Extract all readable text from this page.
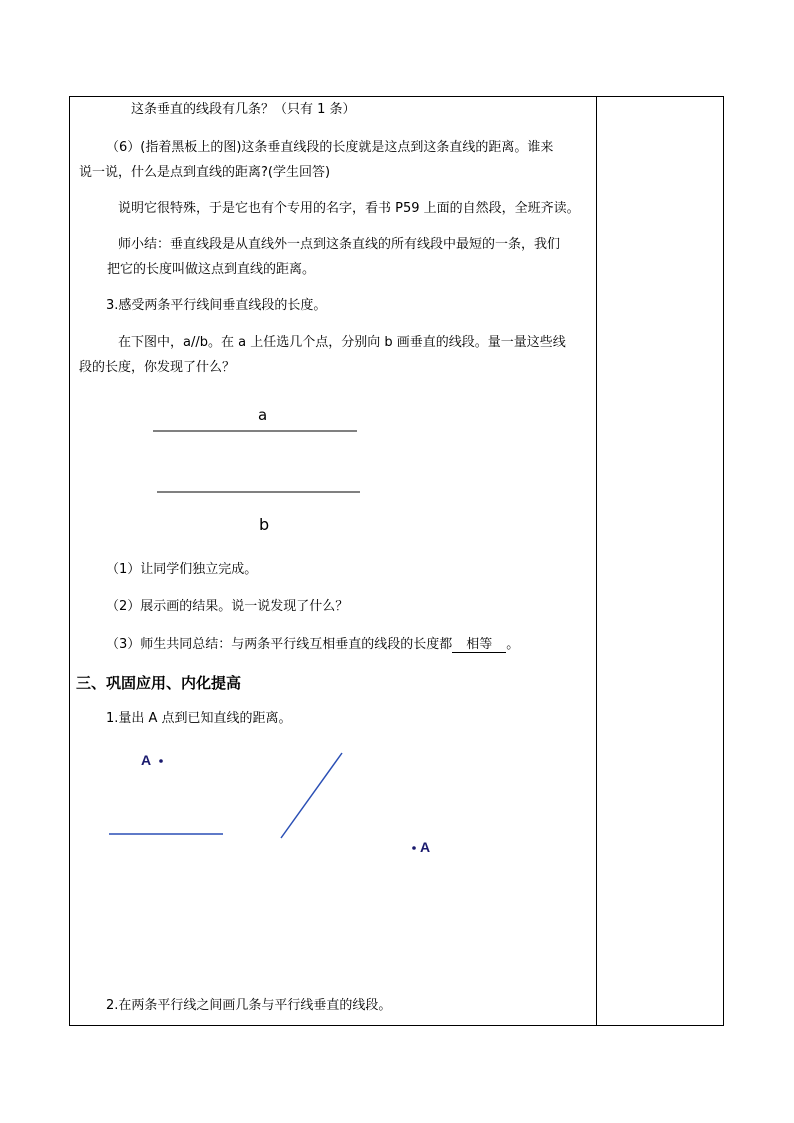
这条垂直的线段有几条？（只有 1 条）
（6）(指着黑板上的图)这条垂直线段的长度就是这点到这条直线的距离。谁来
说一说，什么是点到直线的距离?(学生回答)
说明它很特殊，于是它也有个专用的名字，看书 P59 上面的自然段，全班齐读。
师小结：垂直线段是从直线外一点到这条直线的所有线段中最短的一条，我们
把它的长度叫做这点到直线的距离。
3.感受两条平行线间垂直线段的长度。
在下图中，a//b。在 a 上任选几个点，分别向 b 画垂直的线段。量一量这些线
段的长度，你发现了什么？
a
b
（1）让同学们独立完成。
（2）展示画的结果。说一说发现了什么？
（3）师生共同总结：与两条平行线互相垂直的线段的长度都 相等 。
三、巩固应用、内化提高
1.量出 A 点到已知直线的距离。
A
A
2.在两条平行线之间画几条与平行线垂直的线段。
